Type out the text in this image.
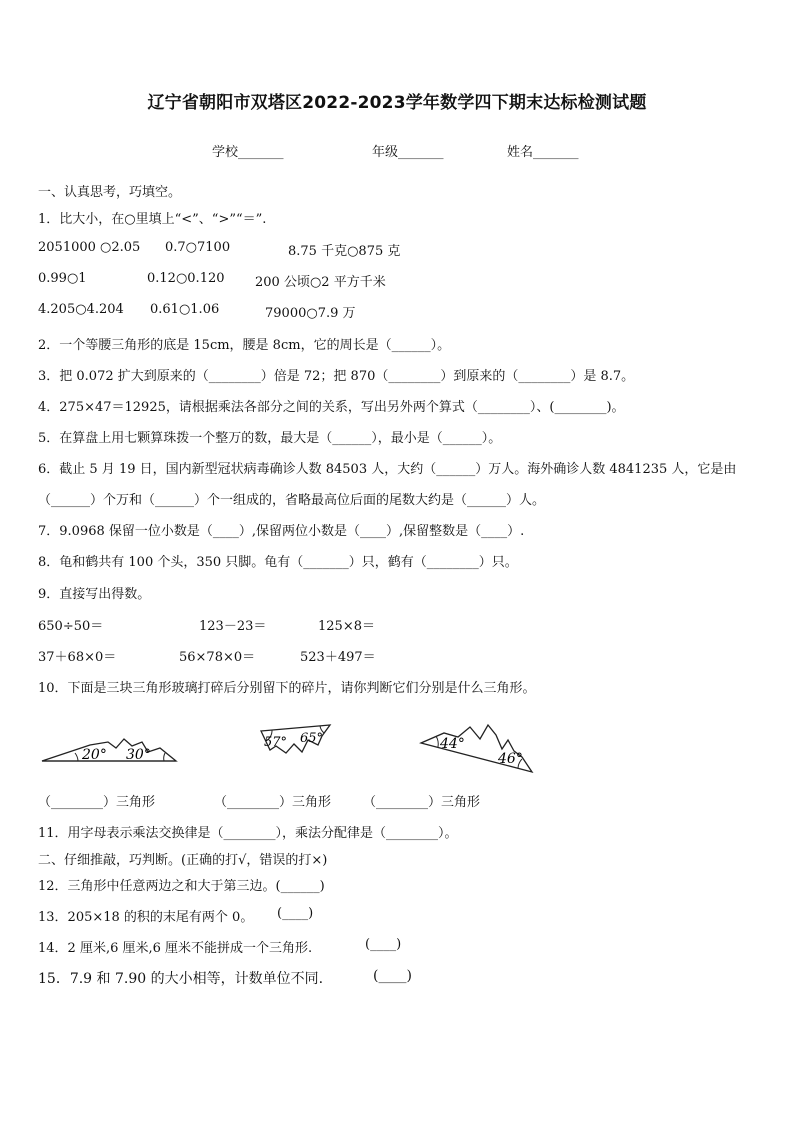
辽宁省朝阳市双塔区2022-2023学年数学四下期末达标检测试题
学校_______	年级_______	姓名_______
一、认真思考，巧填空。
1．比大小，在○里填上“<”、“>”“＝”.
2051000 ○2.05 0.7○7100	8.75 千克○875 克
0.99○1	0.12○0.120 200 公顷○2 平方千米
4.205○4.204 0.61○1.06	79000○7.9 万
2．一个等腰三角形的底是 15cm，腰是 8cm，它的周长是（______）。
3．把 0.072 扩大到原来的（________）倍是 72；把 870（________）到原来的（________）是 8.7。
4．275×47＝12925，请根据乘法各部分之间的关系，写出另外两个算式（________）、(________)。
5．在算盘上用七颗算珠拨一个整万的数，最大是（______），最小是（______）。
6．截止 5 月 19 日，国内新型冠状病毒确诊人数 84503 人，大约（______）万人。海外确诊人数 4841235 人，它是由
（______）个万和（______）个一组成的，省略最高位后面的尾数大约是（______）人。
7．9.0968 保留一位小数是（____）,保留两位小数是（____）,保留整数是（____）.
8．龟和鹤共有 100 个头，350 只脚。龟有（_______）只，鹤有（________）只。
9．直接写出得数。
650÷50＝	123－23＝	125×8＝
37＋68×0＝	56×78×0＝	523＋497＝
10．下面是三块三角形玻璃打碎后分别留下的碎片，请你判断它们分别是什么三角形。
20° 30°
57° 65°	44°
46°
（________）三角形	（________）三角形 （________）三角形
11．用字母表示乘法交换律是（________），乘法分配律是（________）。
二、仔细推敲，巧判断。(正确的打√，错误的打×)
12．三角形中任意两边之和大于第三边。(______)
13．205×18 的积的末尾有两个 0。 (____)
14．2 厘米,6 厘米,6 厘米不能拼成一个三角形.	(____)
15．7.9 和 7.90 的大小相等，计数单位不同.	(____)
